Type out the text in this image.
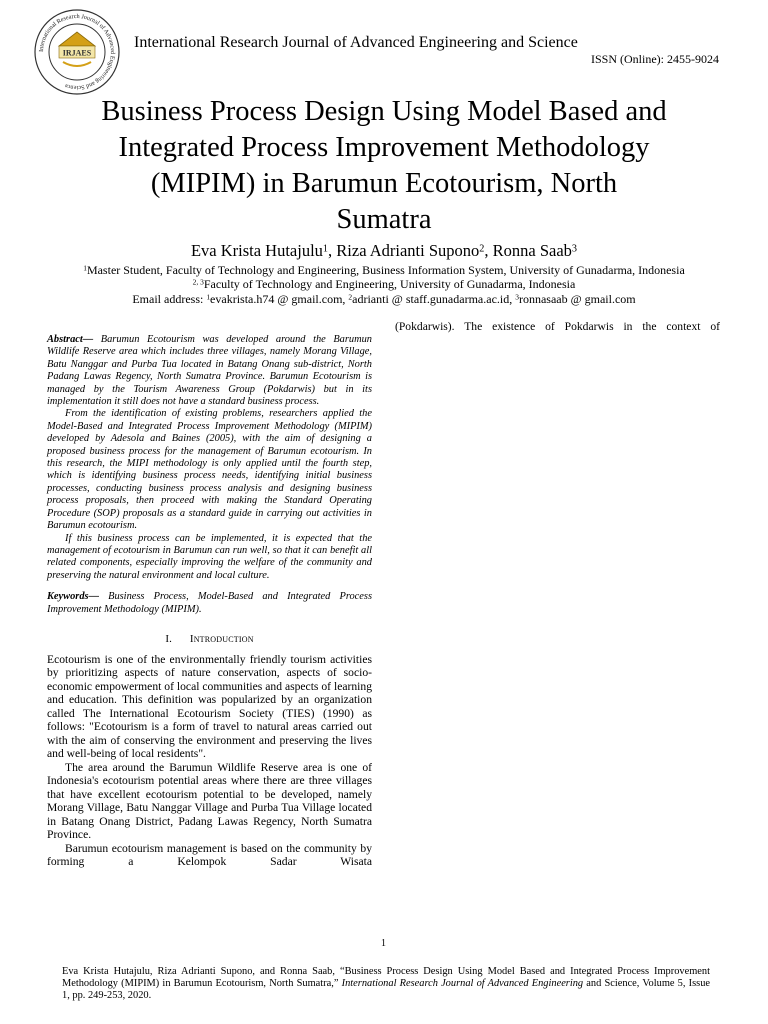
International Research Journal of Advanced Engineering and Science
IRJAES
International Research Journal of Advanced Engineering and Science
ISSN (Online): 2455-9024
Business Process Design Using Model Based and
Integrated Process Improvement Methodology
(MIPIM) in Barumun Ecotourism, North
Sumatra
Eva Krista Hutajulu$^1$, Riza Adrianti Supono$^2$, Ronna Saab$^3$
$^1$Master Student, Faculty of Technology and Engineering, Business Information System, University of Gunadarma, Indonesia
$^{2, 3}$Faculty of Technology and Engineering, University of Gunadarma, Indonesia
Email address: $^1$evakrista.h74 @ gmail.com, $^2$adrianti @ staff.gunadarma.ac.id, $^3$ronnasaab @ gmail.com

Abstract— Barumun Ecotourism was developed around the Barumun Wildlife Reserve area which includes three villages, namely Morang Village, Batu Nanggar and Purba Tua located in Batang Onang sub-district, North Padang Lawas Regency, North Sumatra Province. Barumun Ecotourism is managed by the Tourism Awareness Group (Pokdarwis) but in its implementation it still does not have a standard business process.

From the identification of existing problems, researchers applied the Model-Based and Integrated Process Improvement Methodology (MIPIM) developed by Adesola and Baines (2005), with the aim of designing a proposed business process for the management of Barumun ecotourism. In this research, the MIPI methodology is only applied until the fourth step, which is identifying business process needs, identifying initial business processes, conducting business process analysis and designing business process proposals, then proceed with making the Standard Operating Procedure (SOP) proposals as a standard guide in carrying out activities in Barumun ecotourism.

If this business process can be implemented, it is expected that the management of ecotourism in Barumun can run well, so that it can benefit all related components, especially improving the welfare of the community and preserving the natural environment and local culture.

Keywords— Business Process, Model-Based and Integrated Process Improvement Methodology (MIPIM).
I. Introduction

Ecotourism is one of the environmentally friendly tourism activities by prioritizing aspects of nature conservation, aspects of socio-economic empowerment of local communities and aspects of learning and education. This definition was popularized by an organization called The International Ecotourism Society (TIES) (1990) as follows: "Ecotourism is a form of travel to natural areas carried out with the aim of conserving the environment and preserving the lives and well-being of local residents".

The area around the Barumun Wildlife Reserve area is one of Indonesia's ecotourism potential areas where there are three villages that have excellent ecotourism potential to be developed, namely Morang Village, Batu Nanggar Village and Purba Tua Village located in Batang Onang District, Padang Lawas Regency, North Sumatra Province.

Barumun ecotourism management is based on the community by forming a Kelompok Sadar Wisata

(Pokdarwis). The existence of Pokdarwis in the context of

1
Eva Krista Hutajulu, Riza Adrianti Supono, and Ronna Saab, “Business Process Design Using Model Based and Integrated Process Improvement Methodology (MIPIM) in Barumun Ecotourism, North Sumatra,” International Research Journal of Advanced Engineering and Science, Volume 5, Issue 1, pp. 249-253, 2020.
